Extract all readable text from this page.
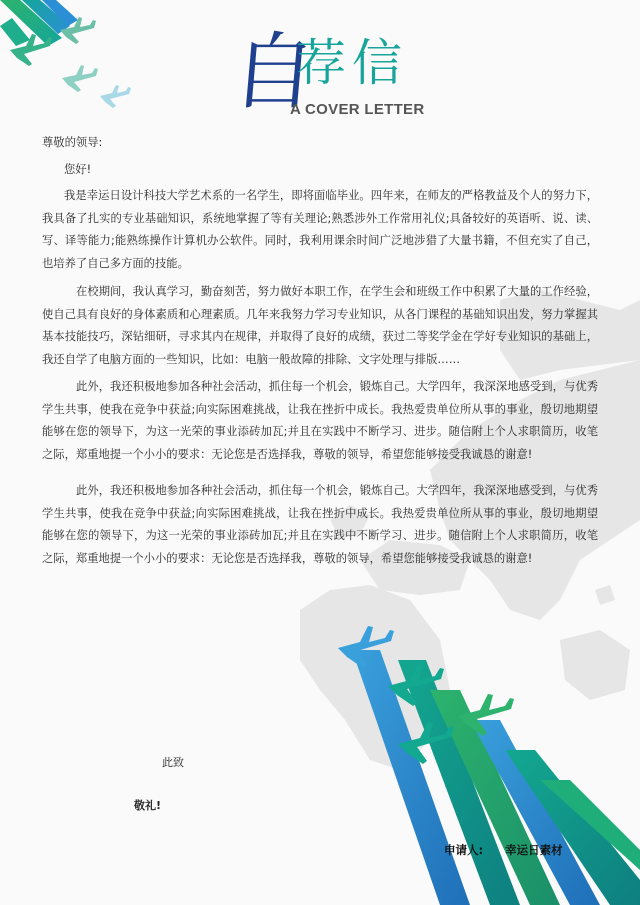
自
荐信
A COVER LETTER

尊敬的领导:

您好!

我是幸运日设计科技大学艺术系的一名学生，即将面临毕业。四年来，在师友的严格教益及个人的努力下，我具备了扎实的专业基础知识，系统地掌握了等有关理论;熟悉涉外工作常用礼仪;具备较好的英语听、说、读、写、译等能力;能熟练操作计算机办公软件。同时，我利用课余时间广泛地涉猎了大量书籍，不但充实了自己，也培养了自己多方面的技能。

在校期间，我认真学习，勤奋刻苦，努力做好本职工作，在学生会和班级工作中积累了大量的工作经验，使自己具有良好的身体素质和心理素质。几年来我努力学习专业知识，从各门课程的基础知识出发，努力掌握其基本技能技巧，深钻细研，寻求其内在规律，并取得了良好的成绩，获过二等奖学金在学好专业知识的基础上，我还自学了电脑方面的一些知识，比如：电脑一般故障的排除、文字处理与排版……

此外，我还积极地参加各种社会活动，抓住每一个机会，锻炼自己。大学四年，我深深地感受到，与优秀学生共事，使我在竞争中获益;向实际困难挑战，让我在挫折中成长。我热爱贵单位所从事的事业，殷切地期望能够在您的领导下，为这一光荣的事业添砖加瓦;并且在实践中不断学习、进步。随信附上个人求职简历，收笔之际，郑重地提一个小小的要求：无论您是否选择我，尊敬的领导，希望您能够接受我诚恳的谢意!

此外，我还积极地参加各种社会活动，抓住每一个机会，锻炼自己。大学四年，我深深地感受到，与优秀学生共事，使我在竞争中获益;向实际困难挑战，让我在挫折中成长。我热爱贵单位所从事的事业，殷切地期望能够在您的领导下，为这一光荣的事业添砖加瓦;并且在实践中不断学习、进步。随信附上个人求职简历，收笔之际，郑重地提一个小小的要求：无论您是否选择我，尊敬的领导，希望您能够接受我诚恳的谢意!

此致
敬礼!
申请人: 幸运日素材
